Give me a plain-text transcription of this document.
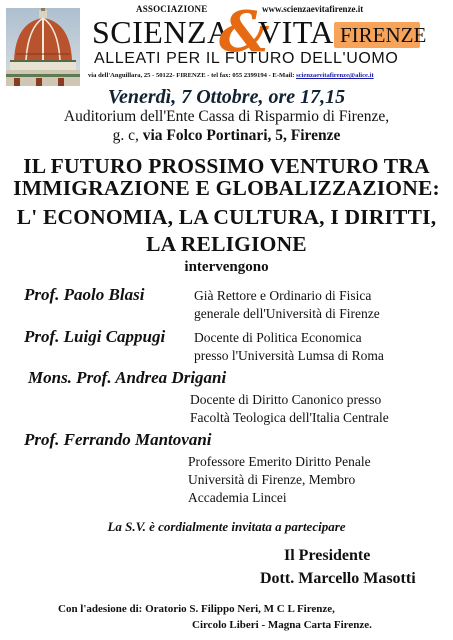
ASSOCIAZIONE	www.scienzaevitafirenze.it
SCIENZA
&
VITA FIRENZE
ALLEATI PER IL FUTURO DELL'UOMO
via dell'Anguillara, 25 - 50122- FIRENZE - tel fax: 055 2399194 - E-Mail: scienzaevitafirenze@alice.it
Venerdì, 7 Ottobre, ore 17,15
Auditorium dell'Ente Cassa di Risparmio di Firenze,
g. c, via Folco Portinari, 5, Firenze
IL FUTURO PROSSIMO VENTURO TRA
IMMIGRAZIONE E GLOBALIZZAZIONE:
L' ECONOMIA, LA CULTURA, I DIRITTI,
LA RELIGIONE
intervengono
Prof. Paolo Blasi	Già Rettore e Ordinario di Fisica
generale dell'Università di Firenze
Prof. Luigi Cappugi Docente di Politica Economica
presso l'Università Lumsa di Roma
Mons. Prof. Andrea Drigani
Docente di Diritto Canonico presso
Facoltà Teologica dell'Italia Centrale
Prof. Ferrando Mantovani
Professore Emerito Diritto Penale
Università di Firenze, Membro
Accademia Lincei
La S.V. è cordialmente invitata a partecipare
Il Presidente
Dott. Marcello Masotti
Con l'adesione di: Oratorio S. Filippo Neri, M C L Firenze,
Circolo Liberi - Magna Carta Firenze.
